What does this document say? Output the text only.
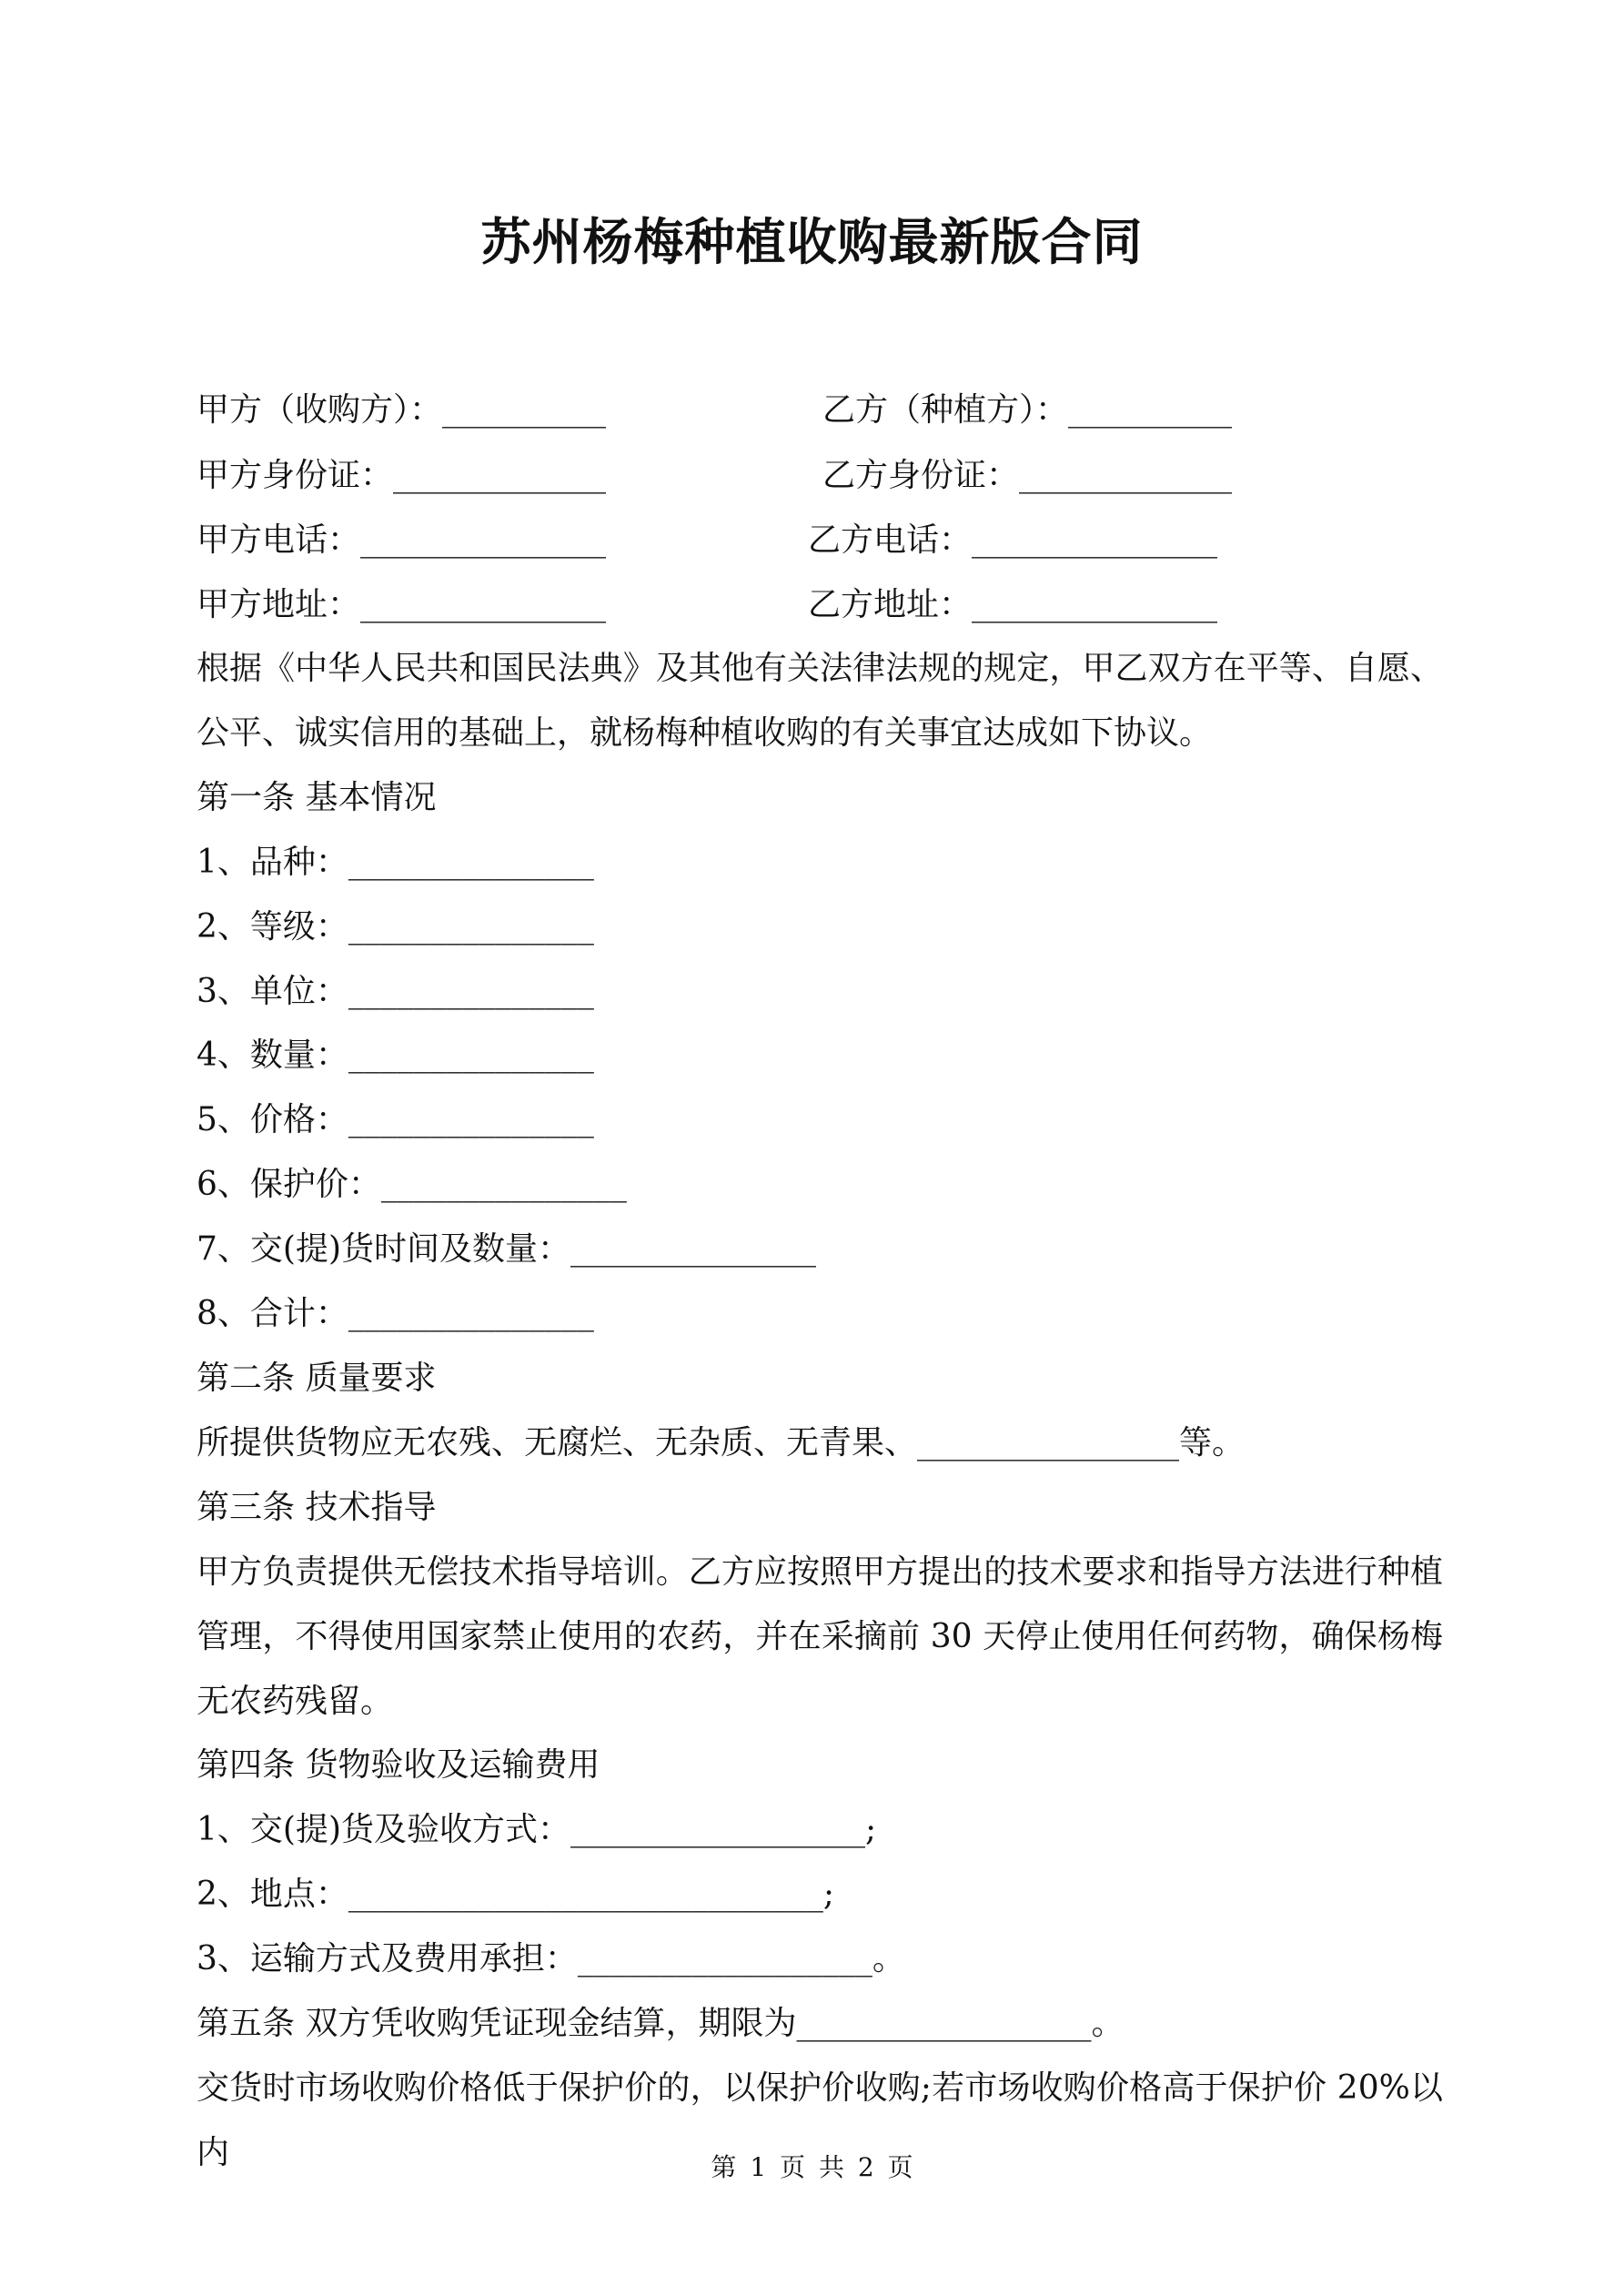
苏州杨梅种植收购最新版合同
甲方（收购方）：__________	乙方（种植方）：__________
甲方身份证：_____________	乙方身份证：_____________
甲方电话：_______________	乙方电话：_______________
甲方地址：_______________	乙方地址：_______________

根据《中华人民共和国民法典》及其他有关法律法规的规定，甲乙双方在平等、自愿、公平、诚实信用的基础上，就杨梅种植收购的有关事宜达成如下协议。

第一条 基本情况

1、品种：_______________

2、等级：_______________

3、单位：_______________

4、数量：_______________

5、价格：_______________

6、保护价：_______________

7、交(提)货时间及数量：_______________

8、合计：_______________

第二条 质量要求

所提供货物应无农残、无腐烂、无杂质、无青果、________________等。

第三条 技术指导

甲方负责提供无偿技术指导培训。乙方应按照甲方提出的技术要求和指导方法进行种植管理，不得使用国家禁止使用的农药，并在采摘前 30 天停止使用任何药物，确保杨梅无农药残留。

第四条 货物验收及运输费用

1、交(提)货及验收方式：__________________;

2、地点：_____________________________;

3、运输方式及费用承担：__________________。

第五条 双方凭收购凭证现金结算，期限为__________________。

交货时市场收购价格低于保护价的，以保护价收购;若市场收购价格高于保护价 20%以内	第 1 页 共 2 页
